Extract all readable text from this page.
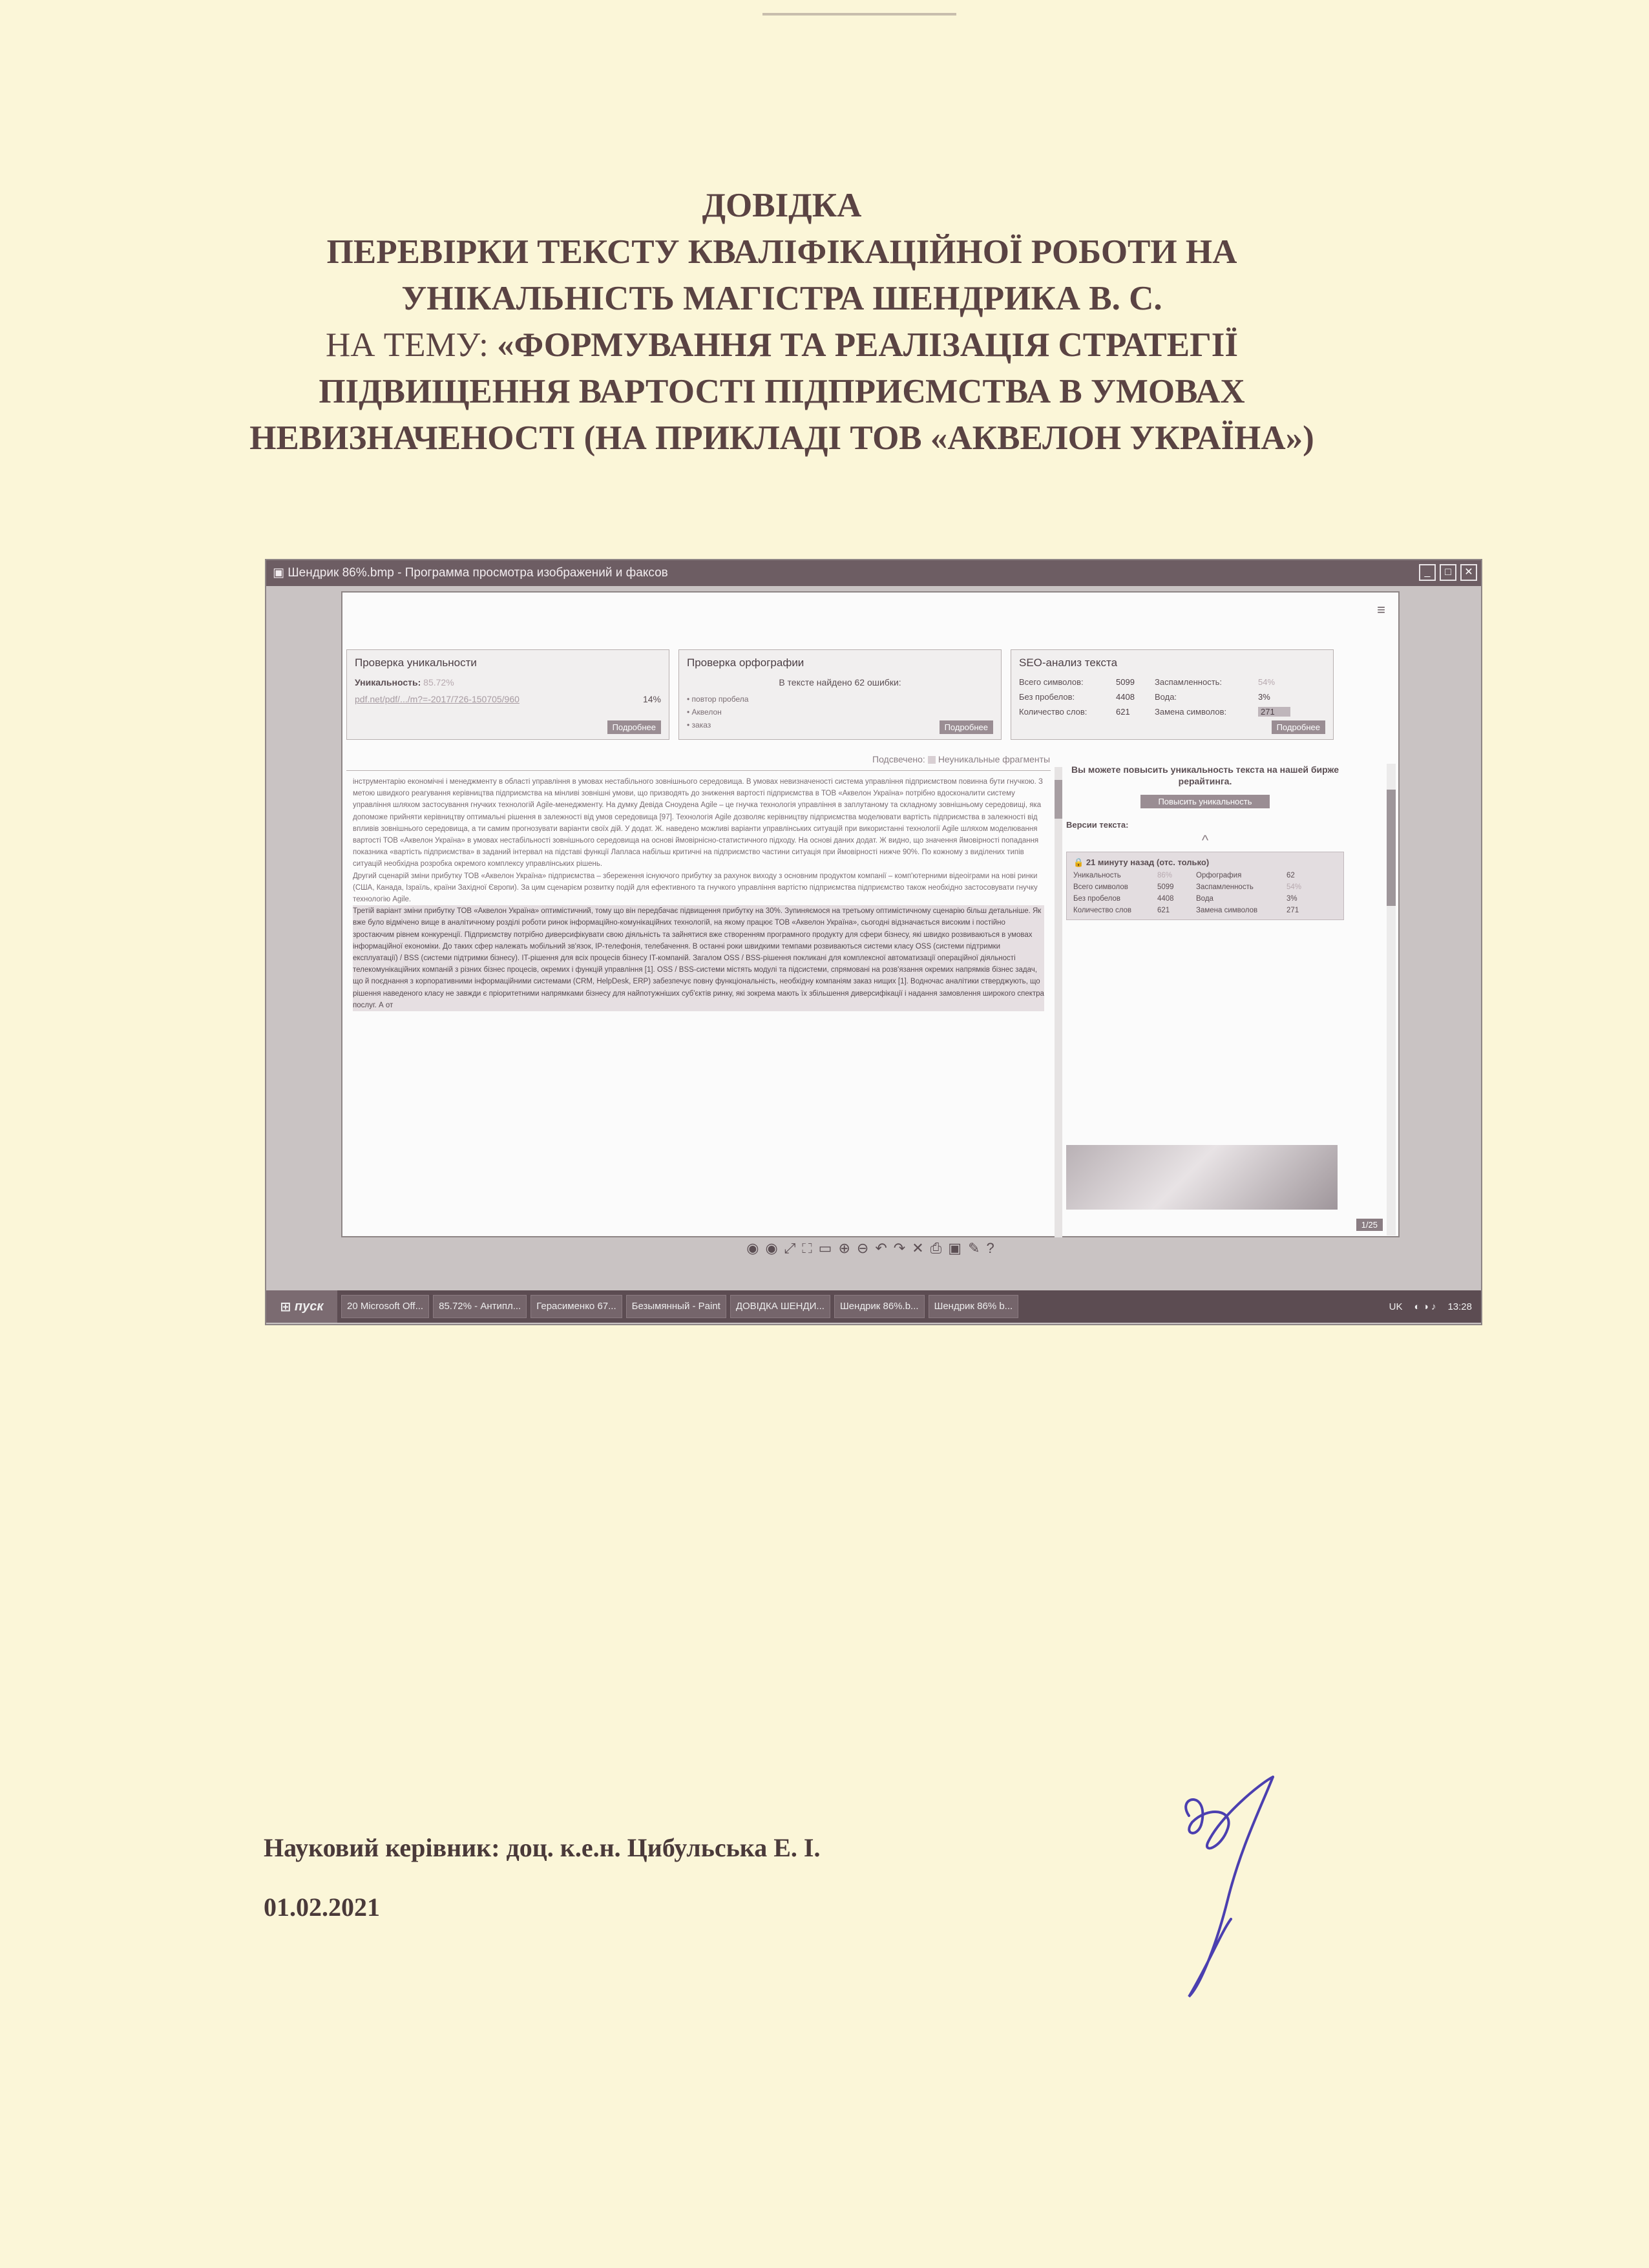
ДОВІДКА
ПЕРЕВІРКИ ТЕКСТУ КВАЛІФІКАЦІЙНОЇ РОБОТИ НА
УНІКАЛЬНІСТЬ МАГІСТРА ШЕНДРИКА В. С.
НА ТЕМУ: «ФОРМУВАННЯ ТА РЕАЛІЗАЦІЯ СТРАТЕГІЇ
ПІДВИЩЕННЯ ВАРТОСТІ ПІДПРИЄМСТВА В УМОВАХ
НЕВИЗНАЧЕНОСТІ (НА ПРИКЛАДІ ТОВ «АКВЕЛОН УКРАЇНА»)
▣ Шендрик 86%.bmp - Программа просмотра изображений и факсов	_	□	✕
≡
Проверка уникальности
Уникальность: 85.72%
pdf.net/pdf/.../m?=-2017/726-150705/960	14%
Подробнее
Проверка орфографии
В тексте найдено 62 ошибки:
• повтор пробела
• Аквелон
• заказ	Подробнее
SEO-анализ текста
Всего символов:	5099	Заспамленность:	54%
Без пробелов:	4408	Вода:	3%
Количество слов:	621	Замена символов:	271
Подробнее
Подсвечено: Неуникальные фрагменты

інструментарію економічні і менеджменту в області управління в умовах нестабільного зовнішнього середовища. В умовах невизначеності система управління підприємством повинна бути гнучкою. З метою швидкого реагування керівництва підприємства на мінливі зовнішні умови, що призводять до зниження вартості підприємства в ТОВ «Аквелон Україна» потрібно вдосконалити систему управління шляхом застосування гнучких технологій Agile-менеджменту. На думку Девіда Сноудена Agile – це гнучка технологія управління в заплутаному та складному зовнішньому середовищі, яка допоможе прийняти керівництву оптимальні рішення в залежності від умов середовища [97]. Технологія Agile дозволяє керівництву підприємства моделювати вартість підприємства в залежності від впливів зовнішнього середовища, а ти самим прогнозувати варіанти своїх дій. У додат. Ж. наведено можливі варіанти управлінських ситуацій при використанні технології Agile шляхом моделювання вартості ТОВ «Аквелон Україна» в умовах нестабільності зовнішнього середовища на основі ймовірнісно-статистичного підходу. На основі даних додат. Ж видно, що значення ймовірності попадання показника «вартість підприємства» в заданий інтервал на підставі функції Лапласа набільш критичні на підприємство частини ситуація при ймовірності нижче 90%. По кожному з виділених типів ситуацій необхідна розробка окремого комплексу управлінських рішень.

Другий сценарій зміни прибутку ТОВ «Аквелон Україна» підприємства – збереження існуючого прибутку за рахунок виходу з основним продуктом компанії – комп'ютерними відеоіграми на нові ринки (США, Канада, Ізраїль, країни Західної Європи). За цим сценарієм розвитку подій для ефективного та гнучкого управління вартістю підприємства підприємство також необхідно застосовувати гнучку технологію Agile.

Третій варіант зміни прибутку ТОВ «Аквелон Україна» оптимістичний, тому що він передбачає підвищення прибутку на 30%. Зупиняємося на третьому оптимістичному сценарію більш детальніше. Як вже було відмічено вище в аналітичному розділі роботи ринок інформаційно-комунікаційних технологій, на якому працює ТОВ «Аквелон Україна», сьогодні відзначається високим і постійно зростаючим рівнем конкуренції. Підприємству потрібно диверсифікувати свою діяльність та зайнятися вже створенням програмного продукту для сфери бізнесу, які швидко розвиваються в умовах інформаційної економіки. До таких сфер належать мобільний зв'язок, IP-телефонія, телебачення. В останні роки швидкими темпами розвиваються системи класу OSS (системи підтримки експлуатації) / BSS (системи підтримки бізнесу). IT-рішення для всіх процесів бізнесу IT-компаній. Загалом OSS / BSS-рішення покликані для комплексної автоматизації операційної діяльності телекомунікаційних компаній з різних бізнес процесів, окремих і функцій управління [1]. OSS / BSS-системи містять модулі та підсистеми, спрямовані на розв'язання окремих напрямків бізнес задач, що й поєднання з корпоративними інформаційними системами (CRM, HelpDesk, ERP) забезпечує повну функціональність, необхідну компаніям заказ нищих [1]. Водночас аналітики стверджують, що рішення наведеного класу не завжди є пріоритетними напрямками бізнесу для найпотужніших суб'єктів ринку, які зокрема мають їх збільшення диверсифікації і надання замовлення широкого спектра послуг. А от

Вы можете повысить уникальность текста на нашей бирже рерайтинга.
Повысить уникальность
Версии текста:
^
🔒 21 минуту назад (отс. только)
Уникальность	86%	Орфография	62
Всего символов	5099	Заспамленность	54%
Без пробелов	4408	Вода	3%
Количество слов	621	Замена символов	271
1/25
◉◉⤢⛶▭⊕⊖↶↷✕⎙▣✎?
⊞ пуск	20 Microsoft Off...	85.72% - Антипл...	Герасименко 67...	Безымянный - Paint	ДОВІДКА ШЕНДИ...	Шендрик 86%.b...	Шендрик 86% b...	UK ◐ ◑ ♪ 13:28
Науковий керівник: доц. к.е.н. Цибульська Е. І.
01.02.2021
